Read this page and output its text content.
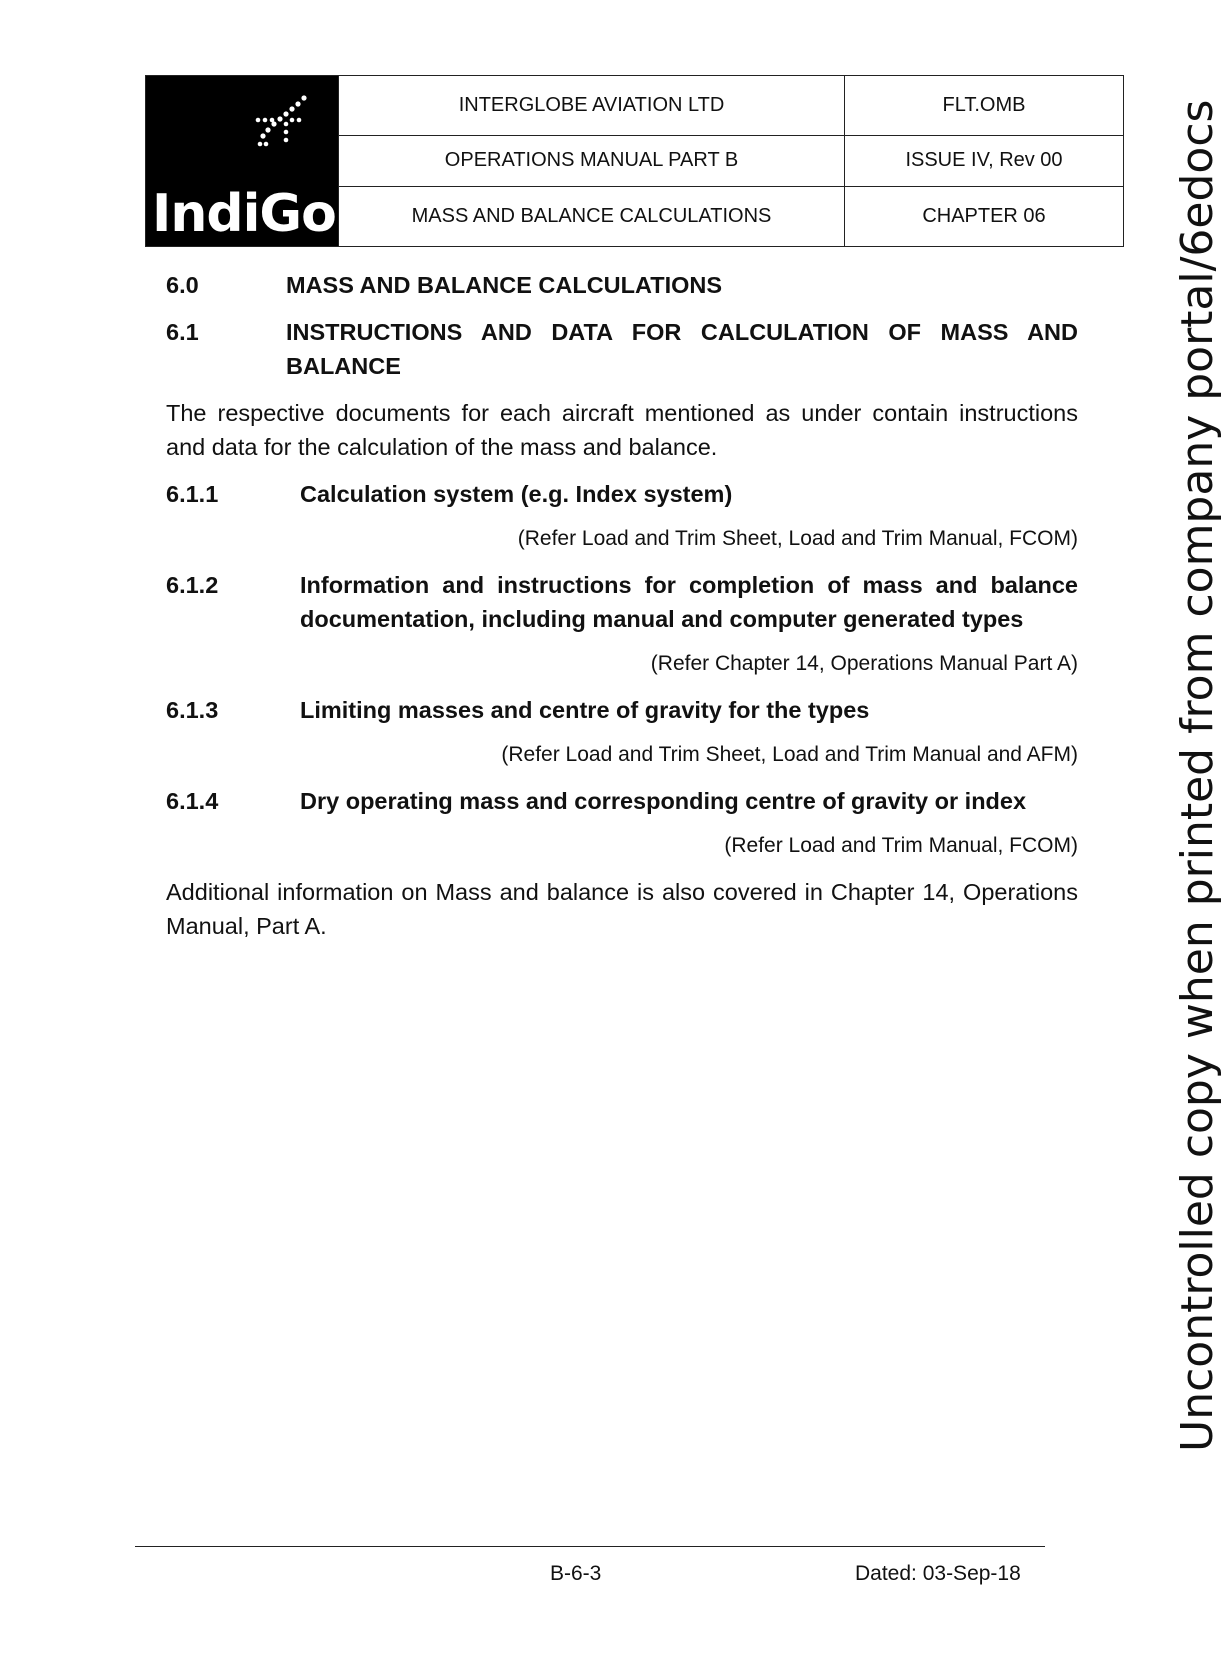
IndiGo	INTERGLOBE AVIATION LTD	FLT.OMB
	OPERATIONS MANUAL PART B	ISSUE IV, Rev 00
	MASS AND BALANCE CALCULATIONS	CHAPTER 06
6.0	MASS AND BALANCE CALCULATIONS
6.1	INSTRUCTIONS AND DATA FOR CALCULATION OF MASS AND BALANCE

The respective documents for each aircraft mentioned as under contain instructions and data for the calculation of the mass and balance.

6.1.1	Calculation system (e.g. Index system)

(Refer Load and Trim Sheet, Load and Trim Manual, FCOM)

6.1.2	Information and instructions for completion of mass and balance documentation, including manual and computer generated types

(Refer Chapter 14, Operations Manual Part A)

6.1.3	Limiting masses and centre of gravity for the types

(Refer Load and Trim Sheet, Load and Trim Manual and AFM)

6.1.4	Dry operating mass and corresponding centre of gravity or index

(Refer Load and Trim Manual, FCOM)

Additional information on Mass and balance is also covered in Chapter 14, Operations Manual, Part A.	Uncontrolled copy when printed from company portal/6edocs
B-6-3	Dated: 03-Sep-18
